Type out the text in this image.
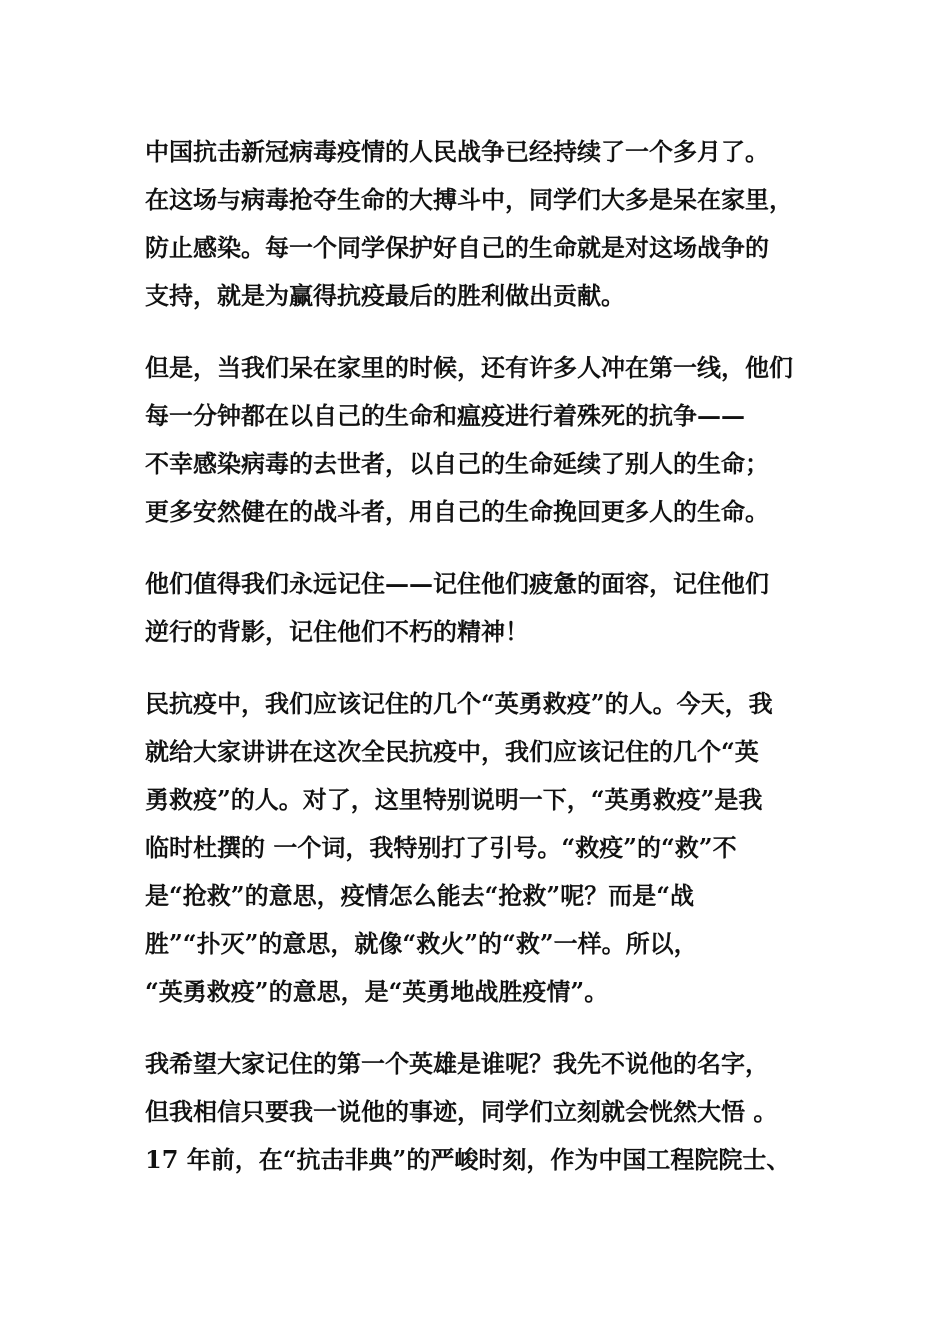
中国抗击新冠病毒疫情的人民战争已经持续了一个多月了。
在这场与病毒抢夺生命的大搏斗中，同学们大多是呆在家里，
防止感染。每一个同学保护好自己的生命就是对这场战争的
支持，就是为赢得抗疫最后的胜利做出贡献。

但是，当我们呆在家里的时候，还有许多人冲在第一线，他们
每一分钟都在以自己的生命和瘟疫进行着殊死的抗争——
不幸感染病毒的去世者，以自己的生命延续了别人的生命；
更多安然健在的战斗者，用自己的生命挽回更多人的生命。

他们值得我们永远记住——记住他们疲惫的面容，记住他们
逆行的背影，记住他们不朽的精神！

民抗疫中，我们应该记住的几个“英勇救疫”的人。今天，我
就给大家讲讲在这次全民抗疫中，我们应该记住的几个“英
勇救疫”的人。对了，这里特别说明一下，“英勇救疫”是我
临时杜撰的 一个词，我特别打了引号。“救疫”的“救”不
是“抢救”的意思，疫情怎么能去“抢救”呢？而是“战
胜”“扑灭”的意思，就像“救火”的“救”一样。所以，
“英勇救疫”的意思，是“英勇地战胜疫情”。

我希望大家记住的第一个英雄是谁呢？我先不说他的名字，
但我相信只要我一说他的事迹，同学们立刻就会恍然大悟 。
17 年前，在“抗击非典”的严峻时刻，作为中国工程院院士、
